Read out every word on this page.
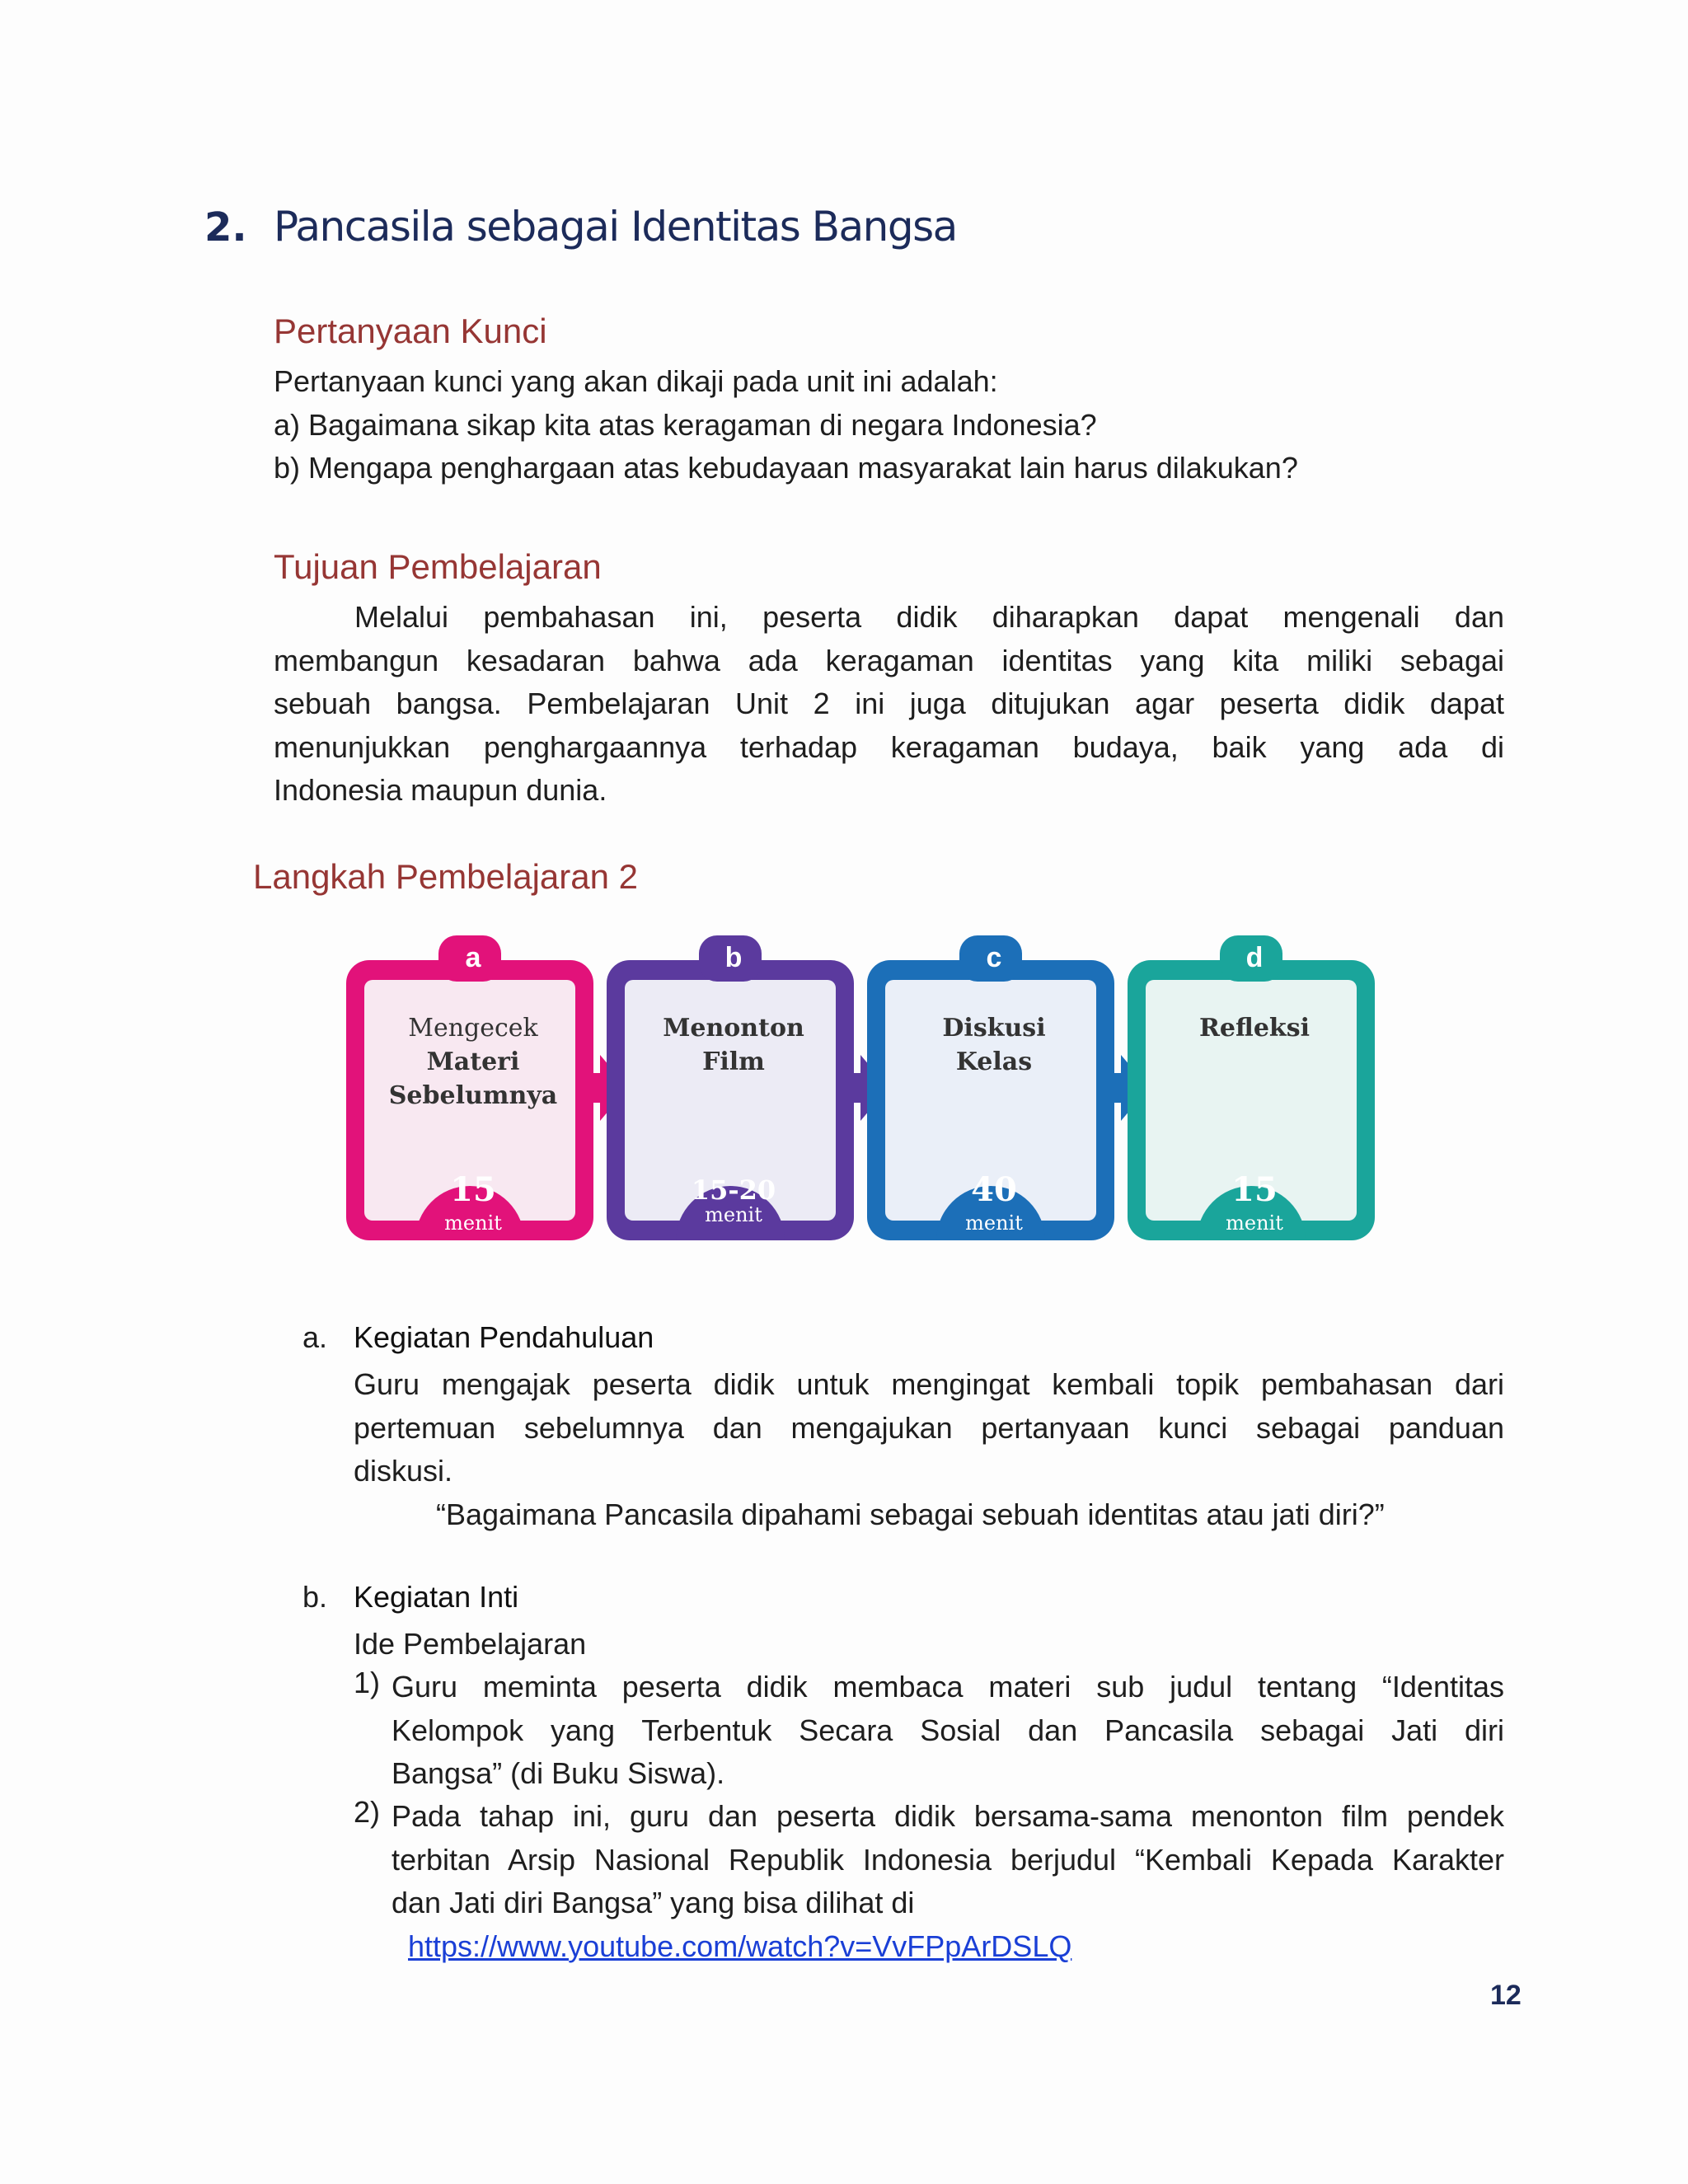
2. Pancasila sebagai Identitas Bangsa
Pertanyaan Kunci
Pertanyaan kunci yang akan dikaji pada unit ini adalah:
a) Bagaimana sikap kita atas keragaman di negara Indonesia?
b) Mengapa penghargaan atas kebudayaan masyarakat lain harus dilakukan?
Tujuan Pembelajaran
Melalui pembahasan ini, peserta didik diharapkan dapat mengenali dan
membangun kesadaran bahwa ada keragaman identitas yang kita miliki sebagai
sebuah bangsa. Pembelajaran Unit 2 ini juga ditujukan agar peserta didik dapat
menunjukkan penghargaannya terhadap keragaman budaya, baik yang ada di
Indonesia maupun dunia.
Langkah Pembelajaran 2
a
Mengecek
Materi
Sebelumnya
15
menit
b
Menonton
Film
15-20
menit
c
Diskusi
Kelas
40
menit
d
Refleksi
15
menit
a. Kegiatan Pendahuluan
Guru mengajak peserta didik untuk mengingat kembali topik pembahasan dari
pertemuan sebelumnya dan mengajukan pertanyaan kunci sebagai panduan
diskusi.
“Bagaimana Pancasila dipahami sebagai sebuah identitas atau jati diri?”
b. Kegiatan Inti
Ide Pembelajaran
1) Guru meminta peserta didik membaca materi sub judul tentang “Identitas
Kelompok yang Terbentuk Secara Sosial dan Pancasila sebagai Jati diri
Bangsa” (di Buku Siswa).
2) Pada tahap ini, guru dan peserta didik bersama-sama menonton film pendek
terbitan Arsip Nasional Republik Indonesia berjudul “Kembali Kepada Karakter
dan Jati diri Bangsa” yang bisa dilihat di
https://www.youtube.com/watch?v=VvFPpArDSLQ
12
